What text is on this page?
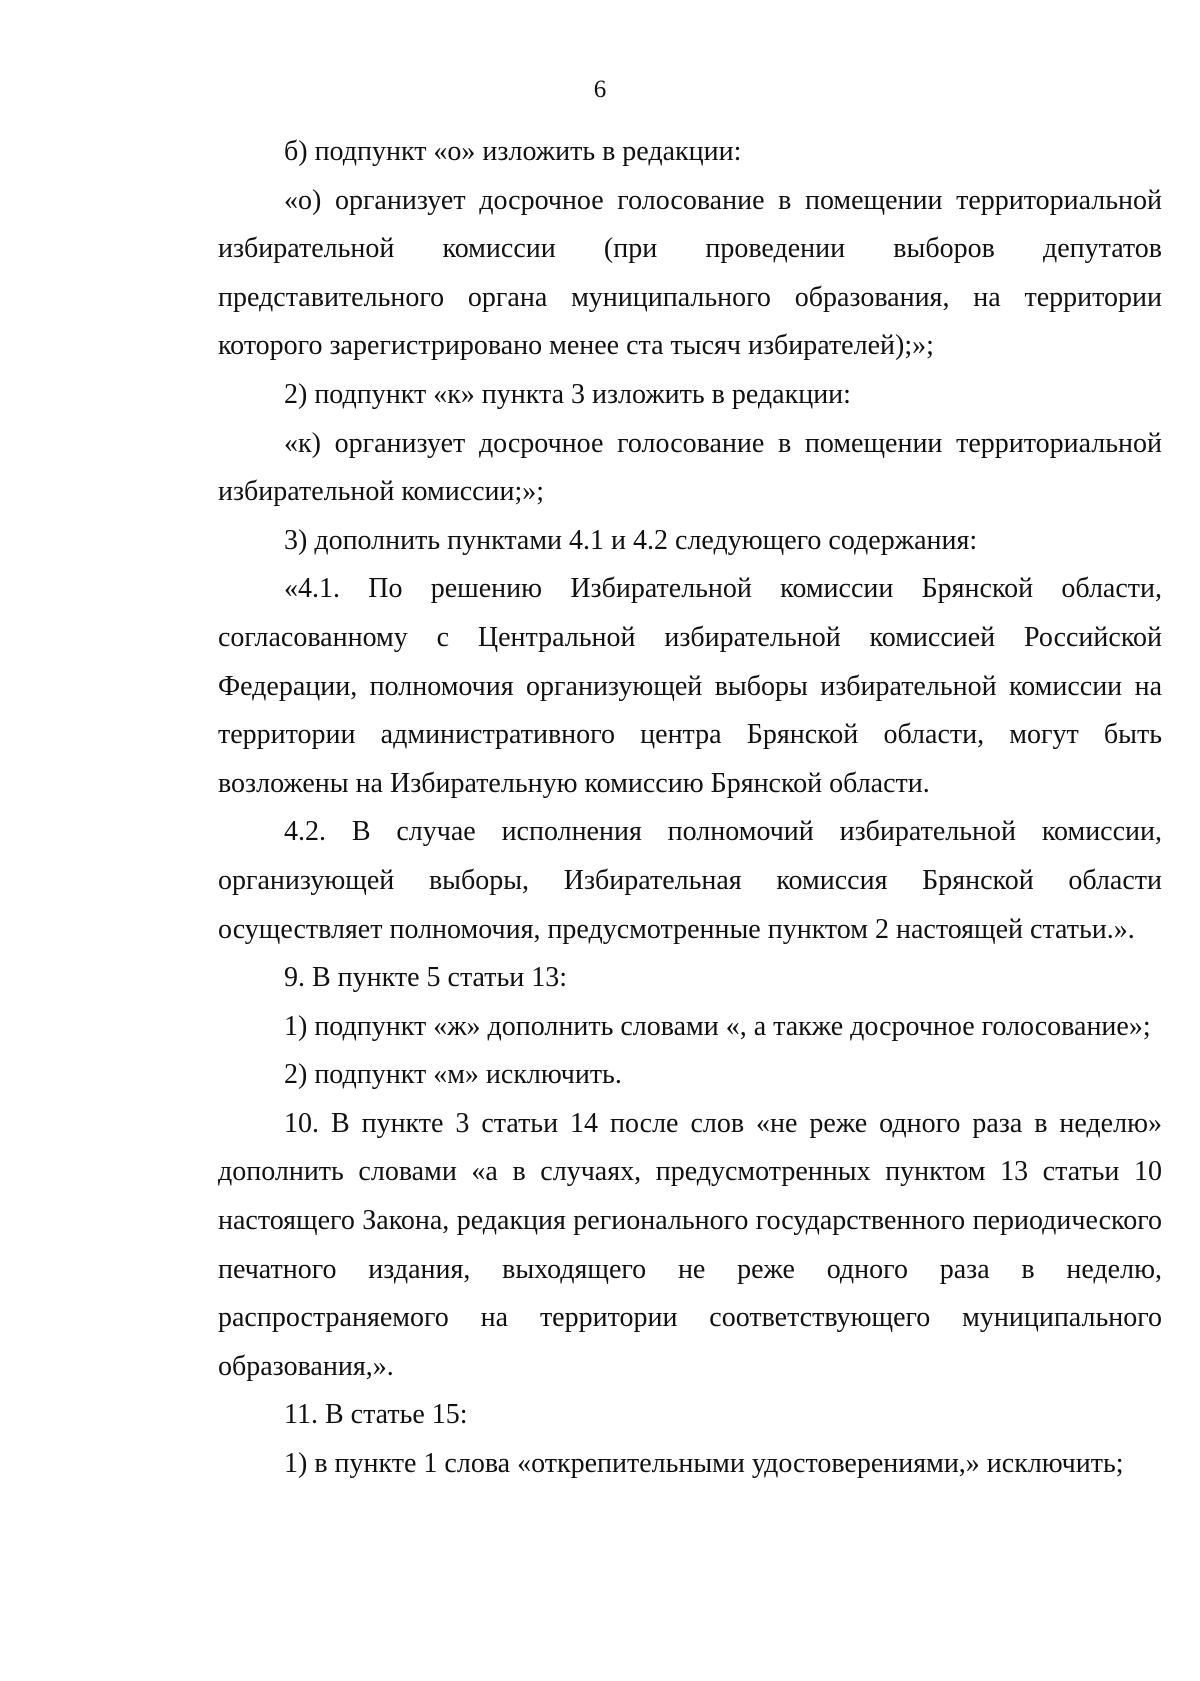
6

б) подпункт «о» изложить в редакции:

«о) организует досрочное голосование в помещении территориальной избирательной комиссии (при проведении выборов депутатов представительного органа муниципального образования, на территории которого зарегистрировано менее ста тысяч избирателей);»;

2) подпункт «к» пункта 3 изложить в редакции:

«к) организует досрочное голосование в помещении территориальной избирательной комиссии;»;

3) дополнить пунктами 4.1 и 4.2 следующего содержания:

«4.1. По решению Избирательной комиссии Брянской области, согласованному с Центральной избирательной комиссией Российской Федерации, полномочия организующей выборы избирательной комиссии на территории административного центра Брянской области, могут быть возложены на Избирательную комиссию Брянской области.

4.2. В случае исполнения полномочий избирательной комиссии, организующей выборы, Избирательная комиссия Брянской области осуществляет полномочия, предусмотренные пунктом 2 настоящей статьи.».

9. В пункте 5 статьи 13:

1) подпункт «ж» дополнить словами «, а также досрочное голосование»;

2) подпункт «м» исключить.

10. В пункте 3 статьи 14 после слов «не реже одного раза в неделю» дополнить словами «а в случаях, предусмотренных пунктом 13 статьи 10 настоящего Закона, редакция регионального государственного периодического печатного издания, выходящего не реже одного раза в неделю, распространяемого на территории соответствующего муниципального образования,».

11. В статье 15:

1) в пункте 1 слова «открепительными удостоверениями,» исключить;
